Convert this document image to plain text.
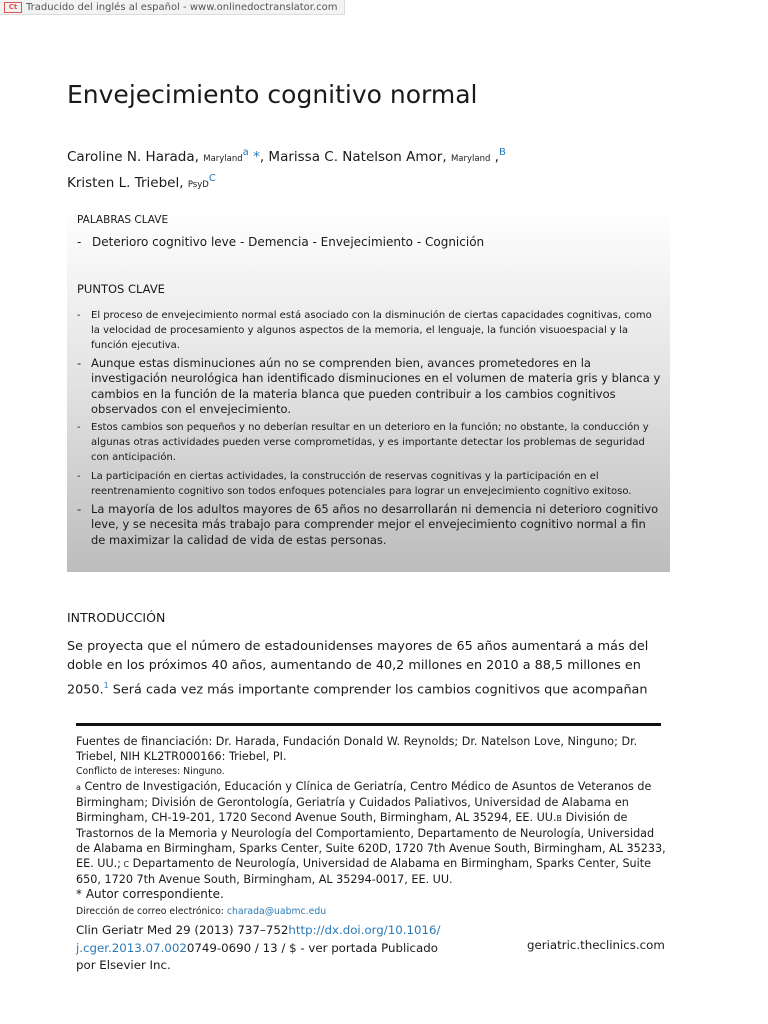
Ct Traducido del inglés al español - www.onlinedoctranslator.com
Envejecimiento cognitivo normal
Caroline N. Harada, Maryland$^a$ *, Marissa C. Natelson Amor, Maryland ,$^B$
Kristen L. Triebel, PsyD$^C$
PALABRAS CLAVE
- Deterioro cognitivo leve - Demencia - Envejecimiento - Cognición
PUNTOS CLAVE
- El proceso de envejecimiento normal está asociado con la disminución de ciertas capacidades cognitivas, como la velocidad de procesamiento y algunos aspectos de la memoria, el lenguaje, la función visuoespacial y la función ejecutiva.
- Aunque estas disminuciones aún no se comprenden bien, avances prometedores en la investigación neurológica han identificado disminuciones en el volumen de materia gris y blanca y cambios en la función de la materia blanca que pueden contribuir a los cambios cognitivos observados con el envejecimiento.
- Estos cambios son pequeños y no deberían resultar en un deterioro en la función; no obstante, la conducción y algunas otras actividades pueden verse comprometidas, y es importante detectar los problemas de seguridad con anticipación.
- La participación en ciertas actividades, la construcción de reservas cognitivas y la participación en el reentrenamiento cognitivo son todos enfoques potenciales para lograr un envejecimiento cognitivo exitoso.
- La mayoría de los adultos mayores de 65 años no desarrollarán ni demencia ni deterioro cognitivo leve, y se necesita más trabajo para comprender mejor el envejecimiento cognitivo normal a fin de maximizar la calidad de vida de estas personas.
INTRODUCCIÓN
Se proyecta que el número de estadounidenses mayores de 65 años aumentará a más del doble en los próximos 40 años, aumentando de 40,2 millones en 2010 a 88,5 millones en 2050.$^1$ Será cada vez más importante comprender los cambios cognitivos que acompañan

Fuentes de financiación: Dr. Harada, Fundación Donald W. Reynolds; Dr. Natelson Love, Ninguno; Dr. Triebel, NIH KL2TR000166: Triebel, PI.

Conflicto de intereses: Ninguno.

a Centro de Investigación, Educación y Clínica de Geriatría, Centro Médico de Asuntos de Veteranos de Birmingham; División de Gerontología, Geriatría y Cuidados Paliativos, Universidad de Alabama en Birmingham, CH-19-201, 1720 Second Avenue South, Birmingham, AL 35294, EE. UU.B División de Trastornos de la Memoria y Neurología del Comportamiento, Departamento de Neurología, Universidad de Alabama en Birmingham, Sparks Center, Suite 620D, 1720 7th Avenue South, Birmingham, AL 35233, EE. UU.; C Departamento de Neurología, Universidad de Alabama en Birmingham, Sparks Center, Suite 650, 1720 7th Avenue South, Birmingham, AL 35294-0017, EE. UU.

* Autor correspondiente.

Dirección de correo electrónico: charada@uabmc.edu

Clin Geriatr Med 29 (2013) 737–752http://dx.doi.org/10.1016/ j.cger.2013.07.0020749-0690 / 13 / $ - ver portada Publicado por Elsevier Inc.
geriatric.theclinics.com
